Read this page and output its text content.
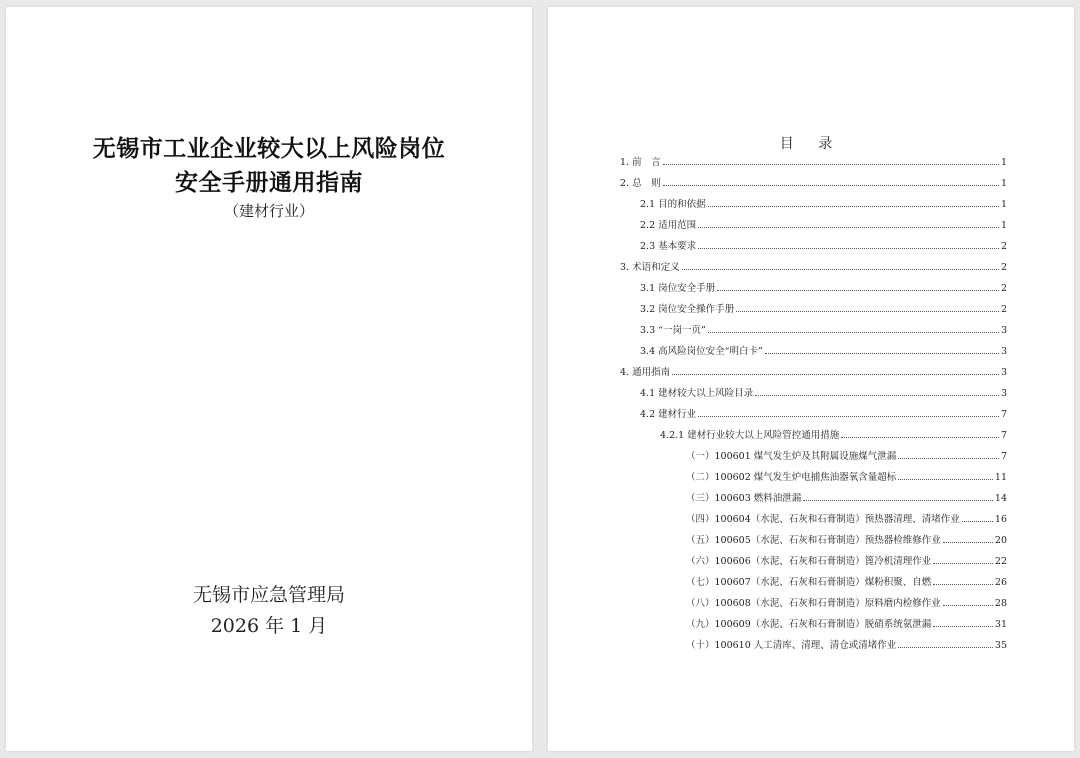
无锡市工业企业较大以上风险岗位
安全手册通用指南
（建材行业）
无锡市应急管理局
2026 年 1 月
目 录
1. 前　言	1
2. 总　则	1
2.1 目的和依据	1
2.2 适用范围	1
2.3 基本要求	2
3. 术语和定义	2
3.1 岗位安全手册	2
3.2 岗位安全操作手册	2
3.3 “一岗一页”	3
3.4 高风险岗位安全“明白卡”	3
4. 通用指南	3
4.1 建材较大以上风险目录	3
4.2 建材行业	7
4.2.1 建材行业较大以上风险管控通用措施	7
（一）100601 煤气发生炉及其附属设施煤气泄漏	7
（二）100602 煤气发生炉电捕焦油器氧含量超标	11
（三）100603 燃料油泄漏	14
（四）100604（水泥、石灰和石膏制造）预热器清理、清堵作业	16
（五）100605（水泥、石灰和石膏制造）预热器检维修作业	20
（六）100606（水泥、石灰和石膏制造）篦冷机清理作业	22
（七）100607（水泥、石灰和石膏制造）煤粉积聚、自燃	26
（八）100608（水泥、石灰和石膏制造）原料磨内检修作业	28
（九）100609（水泥、石灰和石膏制造）脱硝系统氨泄漏	31
（十）100610 人工清库、清理、清仓或清堵作业	35
